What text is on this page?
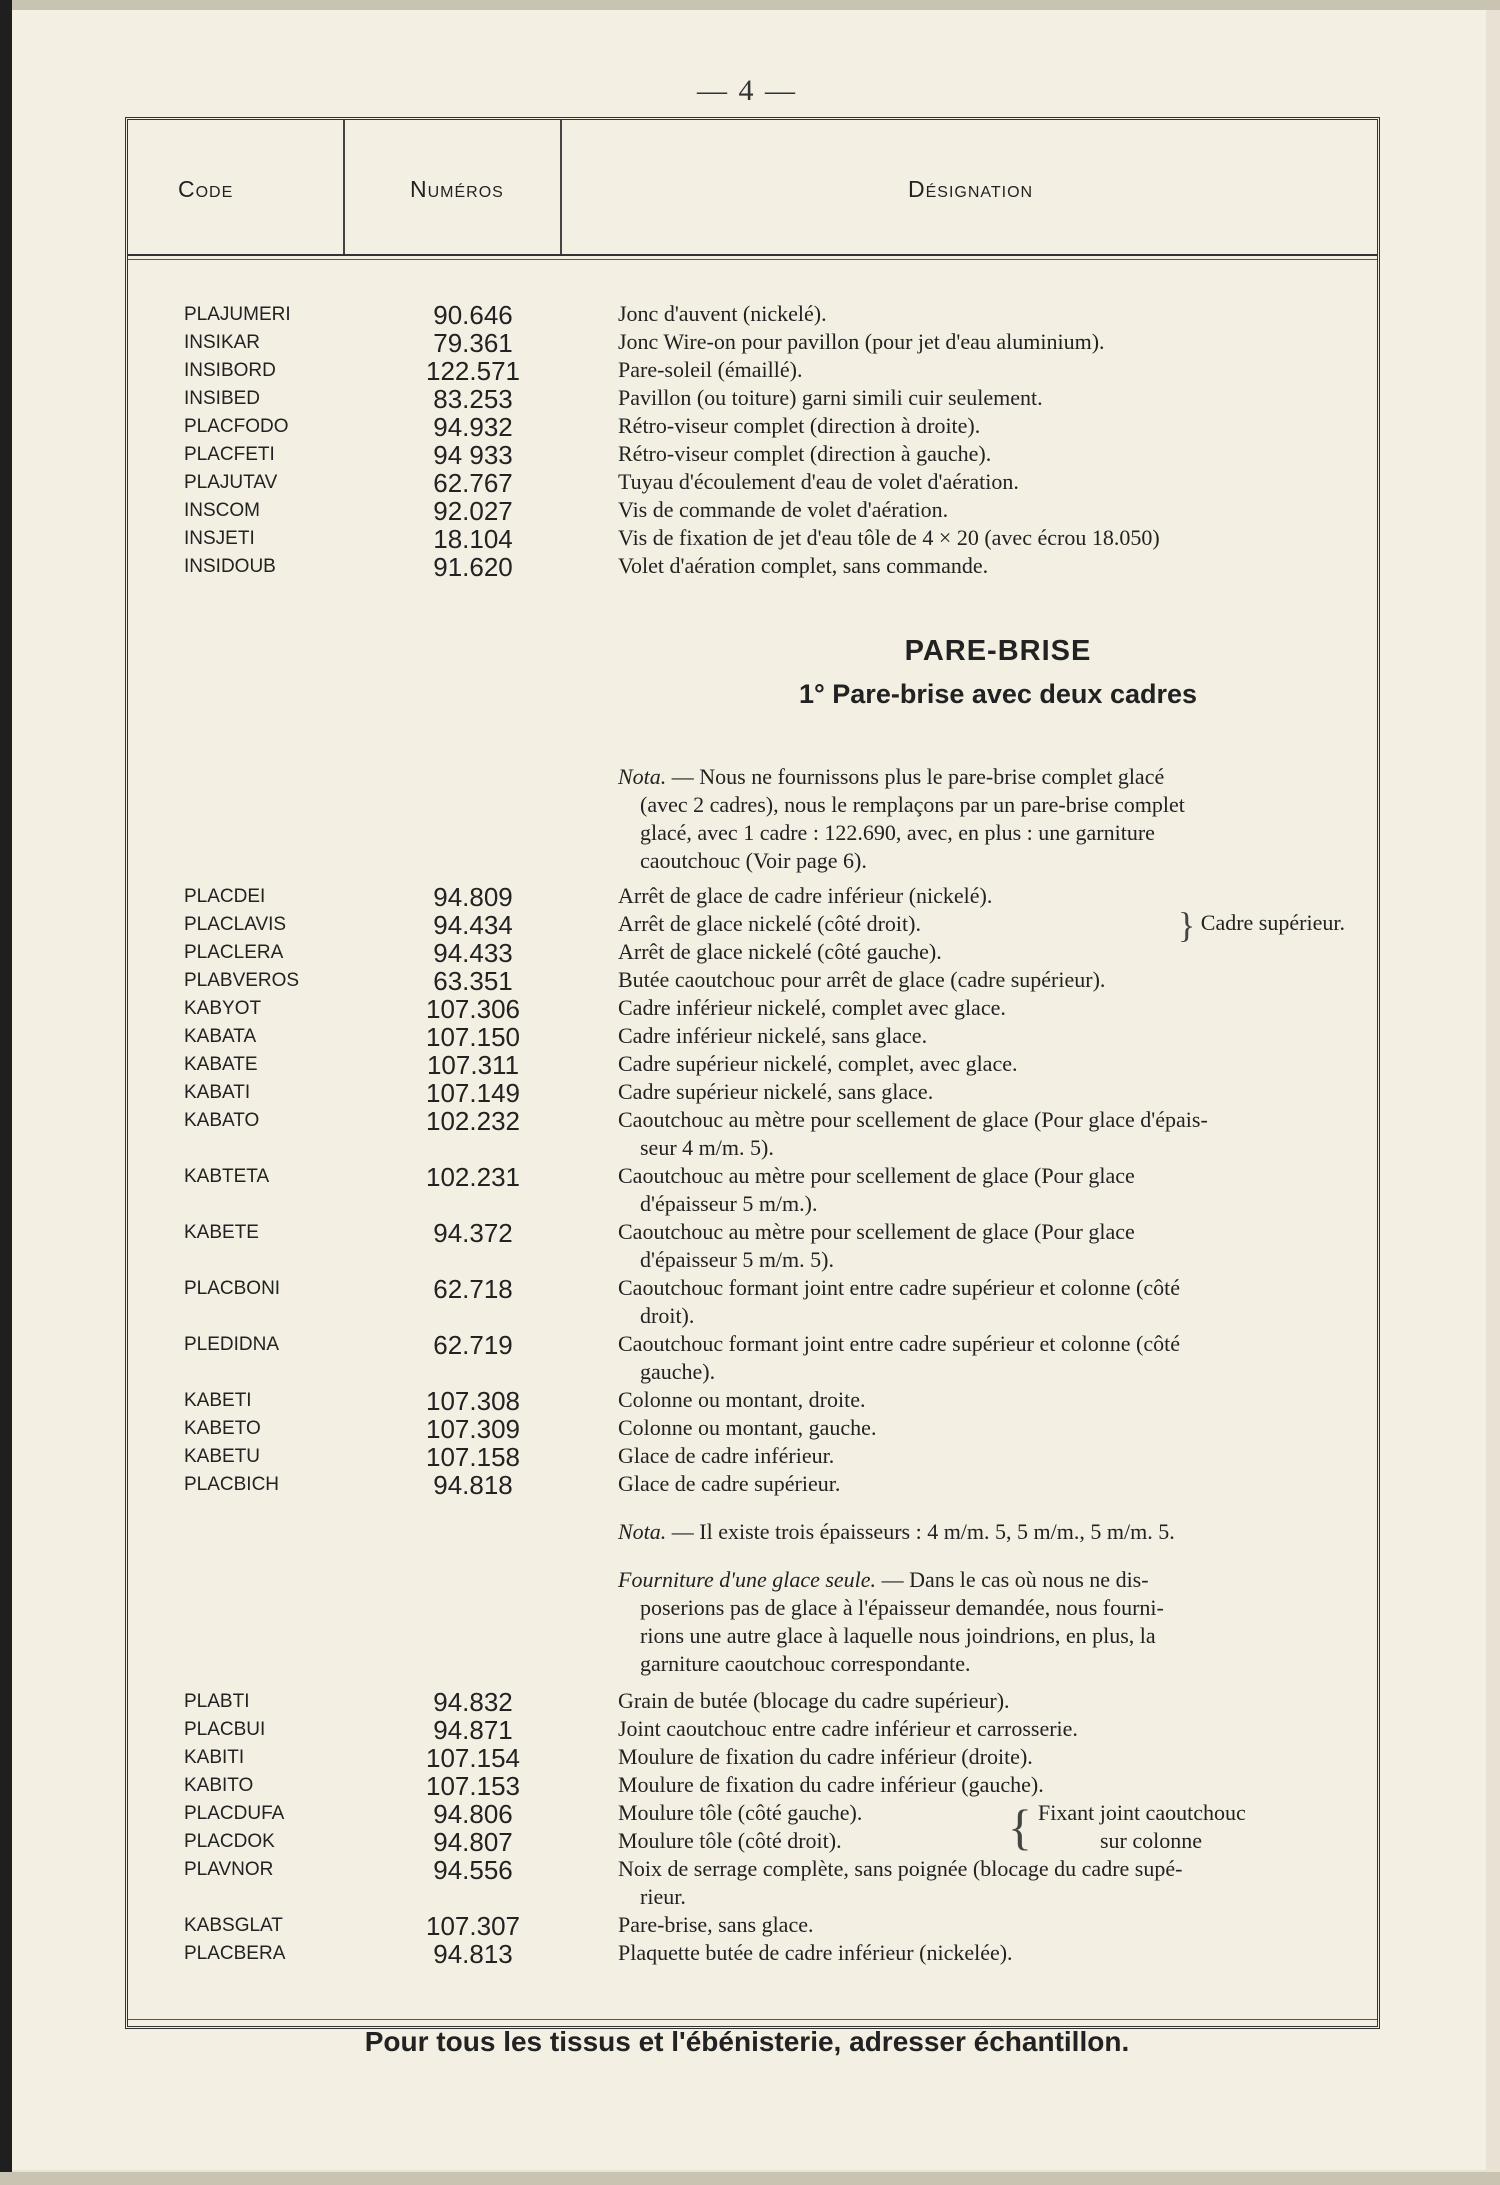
— 4 —
Code	Numéros	Désignation
PLAJUMERI	90.646	Jonc d'auvent (nickelé).
INSIKAR	79.361	Jonc Wire-on pour pavillon (pour jet d'eau aluminium).
INSIBORD	122.571	Pare-soleil (émaillé).
INSIBED	83.253	Pavillon (ou toiture) garni simili cuir seulement.
PLACFODO	94.932	Rétro-viseur complet (direction à droite).
PLACFETI	94 933	Rétro-viseur complet (direction à gauche).
PLAJUTAV	62.767	Tuyau d'écoulement d'eau de volet d'aération.
INSCOM	92.027	Vis de commande de volet d'aération.
INSJETI	18.104	Vis de fixation de jet d'eau tôle de 4 × 20 (avec écrou 18.050)
INSIDOUB	91.620	Volet d'aération complet, sans commande.
PARE-BRISE
1° Pare-brise avec deux cadres
Nota. — Nous ne fournissons plus le pare-brise complet glacé
(avec 2 cadres), nous le remplaçons par un pare-brise complet
glacé, avec 1 cadre : 122.690, avec, en plus : une garniture
caoutchouc (Voir page 6).
PLACDEI	94.809	Arrêt de glace de cadre inférieur (nickelé).
PLACLAVIS	94.434	Arrêt de glace nickelé (côté droit).
PLACLERA	94.433	Arrêt de glace nickelé (côté gauche).
} Cadre supérieur.
PLABVEROS	63.351	Butée caoutchouc pour arrêt de glace (cadre supérieur).
KABYOT	107.306	Cadre inférieur nickelé, complet avec glace.
KABATA	107.150	Cadre inférieur nickelé, sans glace.
KABATE	107.311	Cadre supérieur nickelé, complet, avec glace.
KABATI	107.149	Cadre supérieur nickelé, sans glace.
KABATO	102.232	Caoutchouc au mètre pour scellement de glace (Pour glace d'épais-
seur 4 m/m. 5).
KABTETA	102.231	Caoutchouc au mètre pour scellement de glace (Pour glace
d'épaisseur 5 m/m.).
KABETE	94.372	Caoutchouc au mètre pour scellement de glace (Pour glace
d'épaisseur 5 m/m. 5).
PLACBONI	62.718	Caoutchouc formant joint entre cadre supérieur et colonne (côté
droit).
PLEDIDNA	62.719	Caoutchouc formant joint entre cadre supérieur et colonne (côté
gauche).
KABETI	107.308	Colonne ou montant, droite.
KABETO	107.309	Colonne ou montant, gauche.
KABETU	107.158	Glace de cadre inférieur.
PLACBICH	94.818	Glace de cadre supérieur.
Nota. — Il existe trois épaisseurs : 4 m/m. 5, 5 m/m., 5 m/m. 5.
Fourniture d'une glace seule. — Dans le cas où nous ne dis-
poserions pas de glace à l'épaisseur demandée, nous fourni-
rions une autre glace à laquelle nous joindrions, en plus, la
garniture caoutchouc correspondante.
PLABTI	94.832	Grain de butée (blocage du cadre supérieur).
PLACBUI	94.871	Joint caoutchouc entre cadre inférieur et carrosserie.
KABITI	107.154	Moulure de fixation du cadre inférieur (droite).
KABITO	107.153	Moulure de fixation du cadre inférieur (gauche).
PLACDUFA	94.806	Moulure tôle (côté gauche).
PLACDOK	94.807	Moulure tôle (côté droit).	{ Fixant joint caoutchouc
sur colonne
PLAVNOR	94.556	Noix de serrage complète, sans poignée (blocage du cadre supé-
rieur.
KABSGLAT	107.307	Pare-brise, sans glace.
PLACBERA	94.813	Plaquette butée de cadre inférieur (nickelée).
Pour tous les tissus et l'ébénisterie, adresser échantillon.
